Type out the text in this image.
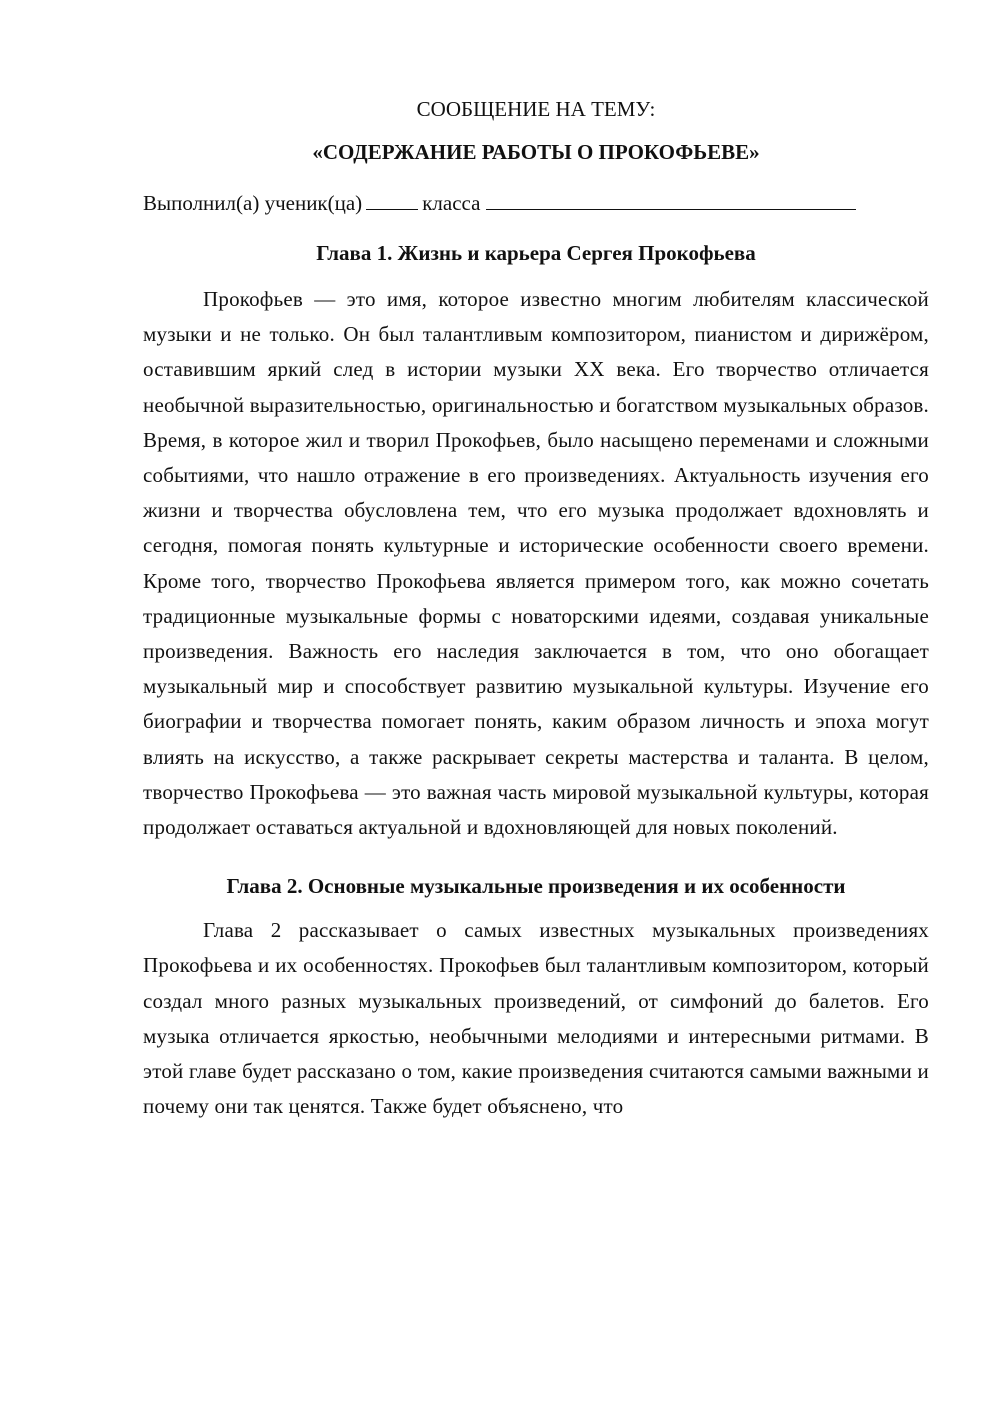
СООБЩЕНИЕ НА ТЕМУ:

«СОДЕРЖАНИЕ РАБОТЫ О ПРОКОФЬЕВЕ»

Выполнил(а) ученик(ца)	класса
Глава 1. Жизнь и карьера Сергея Прокофьева

Прокофьев — это имя, которое известно многим любителям классической музыки и не только. Он был талантливым композитором, пианистом и дирижёром, оставившим яркий след в истории музыки XX века. Его творчество отличается необычной выразительностью, оригинальностью и богатством музыкальных образов. Время, в которое жил и творил Прокофьев, было насыщено переменами и сложными событиями, что нашло отражение в его произведениях. Актуальность изучения его жизни и творчества обусловлена тем, что его музыка продолжает вдохновлять и сегодня, помогая понять культурные и исторические особенности своего времени. Кроме того, творчество Прокофьева является примером того, как можно сочетать традиционные музыкальные формы с новаторскими идеями, создавая уникальные произведения. Важность его наследия заключается в том, что оно обогащает музыкальный мир и способствует развитию музыкальной культуры. Изучение его биографии и творчества помогает понять, каким образом личность и эпоха могут влиять на искусство, а также раскрывает секреты мастерства и таланта. В целом, творчество Прокофьева — это важная часть мировой музыкальной культуры, которая продолжает оставаться актуальной и вдохновляющей для новых поколений.

Глава 2. Основные музыкальные произведения и их особенности

Глава 2 рассказывает о самых известных музыкальных произведениях Прокофьева и их особенностях. Прокофьев был талантливым композитором, который создал много разных музыкальных произведений, от симфоний до балетов. Его музыка отличается яркостью, необычными мелодиями и интересными ритмами. В этой главе будет рассказано о том, какие произведения считаются самыми важными и почему они так ценятся. Также будет объяснено, что
